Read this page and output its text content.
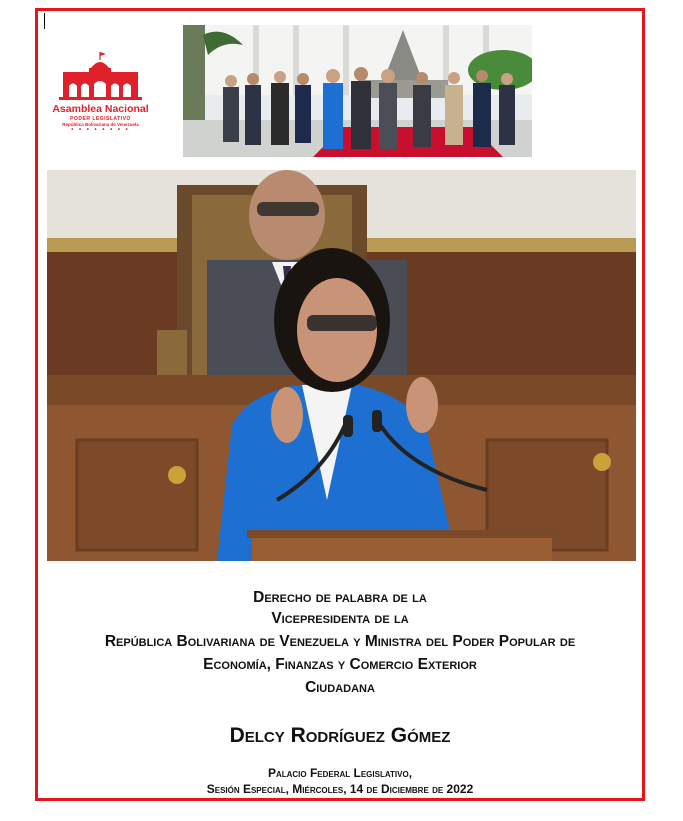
Asamblea Nacional
PODER LEGISLATIVO
República Bolivariana de Venezuela
• • • • • • • •
Derecho de palabra de la
Vicepresidenta de la
República Bolivariana de Venezuela y Ministra del Poder Popular de
Economía, Finanzas y Comercio Exterior
Ciudadana
Delcy Rodríguez Gómez
Palacio Federal Legislativo,
Sesión Especial, Miércoles, 14 de Diciembre de 2022
